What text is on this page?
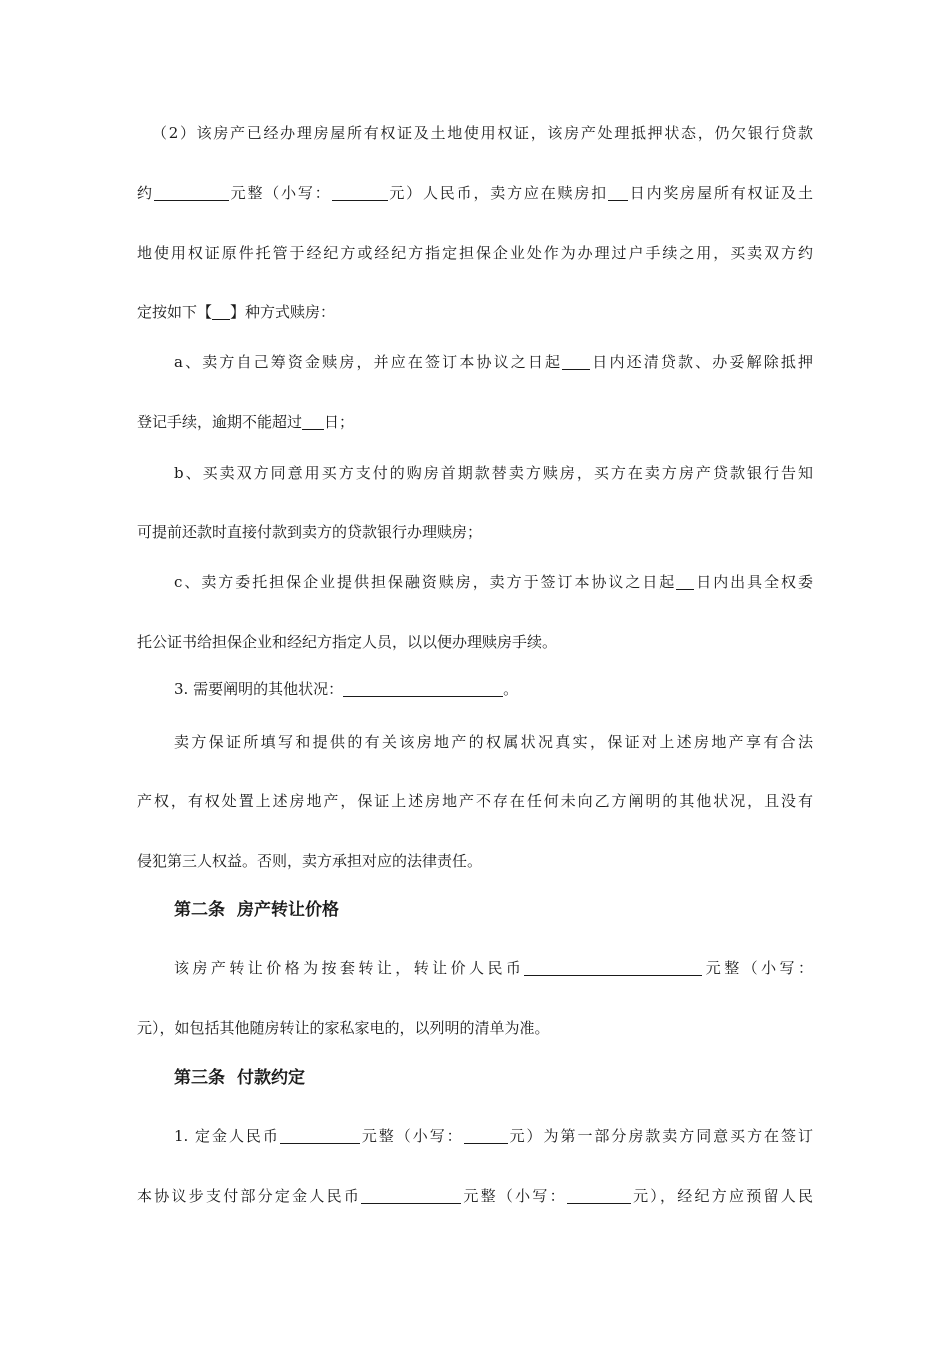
（2）该房产已经办理房屋所有权证及土地使用权证，该房产处理抵押状态，仍欠银行贷款
约	元整（小写：	元）人民币，卖方应在赎房扣 日内奖房屋所有权证及土
地使用权证原件托管于经纪方或经纪方指定担保企业处作为办理过户手续之用，买卖双方约
定按如下【 】种方式赎房：
a、卖方自己筹资金赎房，并应在签订本协议之日起 日内还清贷款、办妥解除抵押
登记手续，逾期不能超过 日；
b、买卖双方同意用买方支付的购房首期款替卖方赎房，买方在卖方房产贷款银行告知
可提前还款时直接付款到卖方的贷款银行办理赎房；
c、卖方委托担保企业提供担保融资赎房，卖方于签订本协议之日起 日内出具全权委
托公证书给担保企业和经纪方指定人员，以以便办理赎房手续。
3. 需要阐明的其他状况：	。
卖方保证所填写和提供的有关该房地产的权属状况真实，保证对上述房地产享有合法
产权，有权处置上述房地产，保证上述房地产不存在任何未向乙方阐明的其他状况，且没有
侵犯第三人权益。否则，卖方承担对应的法律责任。
第二条 房产转让价格
该房产转让价格为按套转让，转让价人民币	元整（小写：
元），如包括其他随房转让的家私家电的，以列明的清单为准。
第三条 付款约定
1. 定金人民币	元整（小写：	元）为第一部分房款卖方同意买方在签订
本协议步支付部分定金人民币	元整（小写：	元），经纪方应预留人民
